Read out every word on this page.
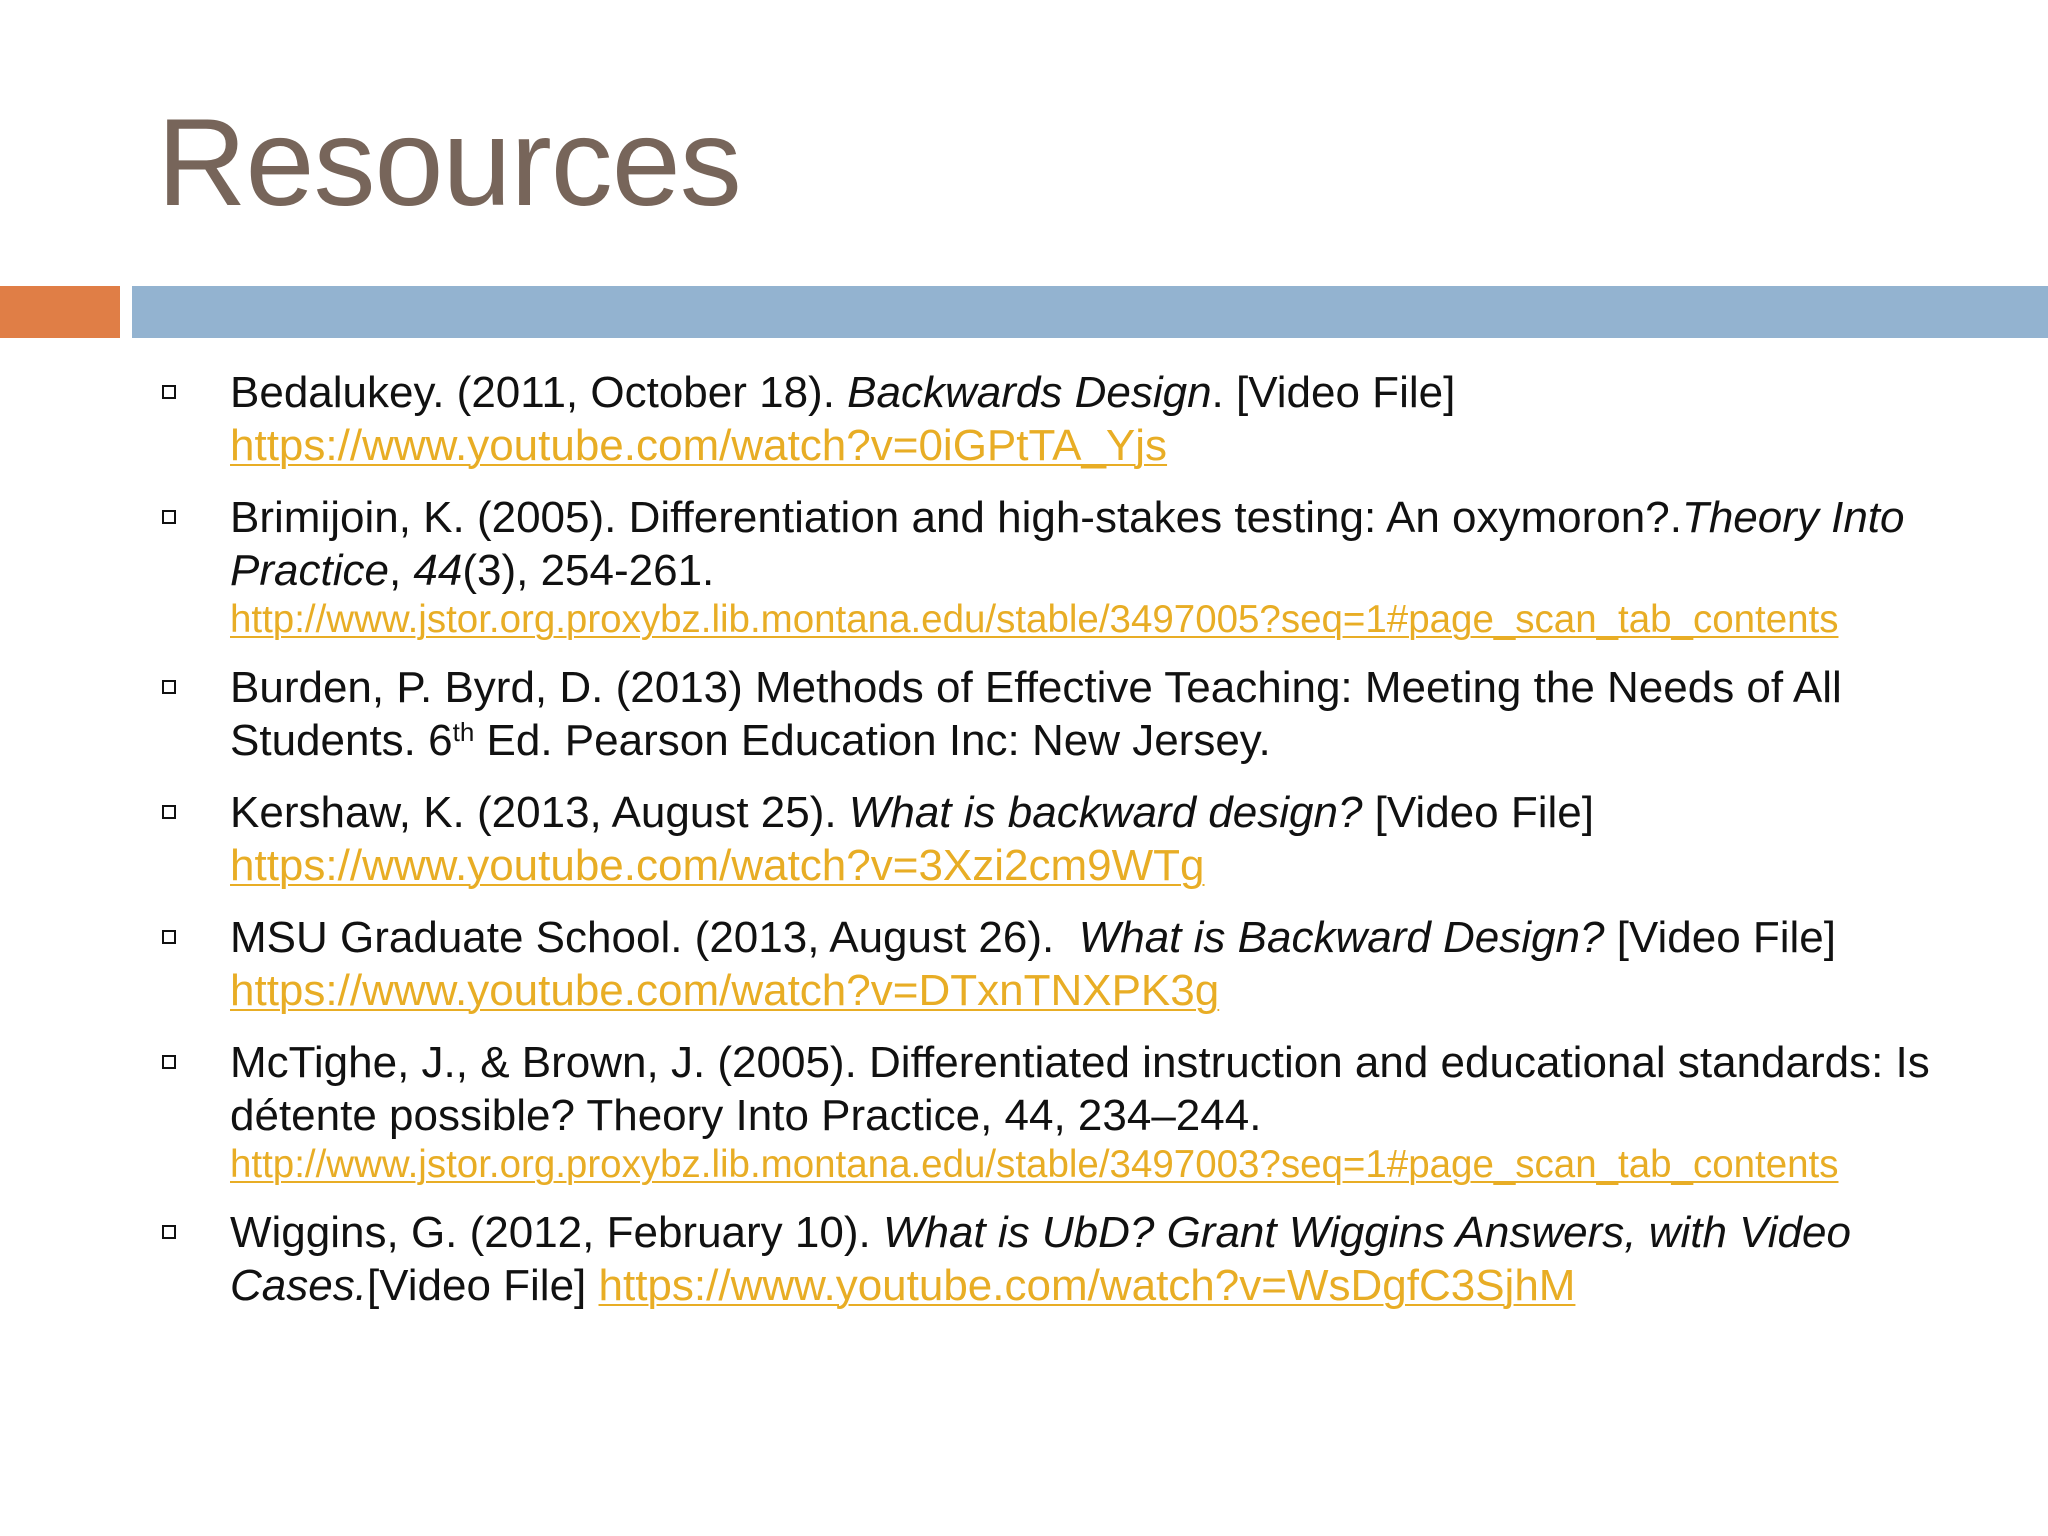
Resources
Bedalukey. (2011, October 18). Backwards Design. [Video File]
https://www.youtube.com/watch?v=0iGPtTA_Yjs
Brimijoin, K. (2005). Differentiation and high-stakes testing: An oxymoron?.Theory Into Practice, 44(3), 254-261.
http://www.jstor.org.proxybz.lib.montana.edu/stable/3497005?seq=1#page_scan_tab_contents
Burden, P. Byrd, D. (2013) Methods of Effective Teaching: Meeting the Needs of All Students. 6th Ed. Pearson Education Inc: New Jersey.
Kershaw, K. (2013, August 25). What is backward design? [Video File]
https://www.youtube.com/watch?v=3Xzi2cm9WTg
MSU Graduate School. (2013, August 26).  What is Backward Design? [Video File] https://www.youtube.com/watch?v=DTxnTNXPK3g
McTighe, J., & Brown, J. (2005). Differentiated instruction and educational standards: Is détente possible? Theory Into Practice, 44, 234–244.
http://www.jstor.org.proxybz.lib.montana.edu/stable/3497003?seq=1#page_scan_tab_contents
Wiggins, G. (2012, February 10). What is UbD? Grant Wiggins Answers, with Video Cases.[Video File] https://www.youtube.com/watch?v=WsDgfC3SjhM
